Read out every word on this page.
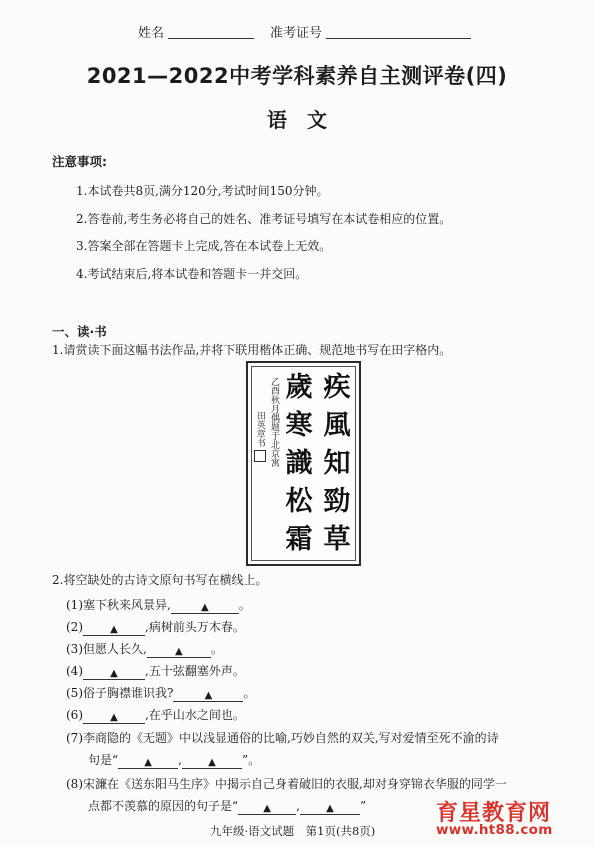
姓名	准考证号
2021—2022中考学科素养自主测评卷(四)
语文
注意事项:
1.本试卷共8页,满分120分,考试时间150分钟。
2.答卷前,考生务必将自己的姓名、准考证号填写在本试卷相应的位置。
3.答案全部在答题卡上完成,答在本试卷上无效。
4.考试结束后,将本试卷和答题卡一并交回。
一、读·书
1.请赏读下面这幅书法作品,并将下联用楷体正确、规范地书写在田字格内。
疾
風
知
勁
草
歲
寒
識
松
霜
乙酉秋月偶题于北京寓
田英章书
2.将空缺处的古诗文原句书写在横线上。
(1)塞下秋来风景异,	▲	。
(2)	▲ ,病树前头万木春。
(3)但愿人长久,	▲ 。
(4)	▲ ,五十弦翻塞外声。
(5)俗子胸襟谁识我?	▲	。
(6)	▲ ,在乎山水之间也。
(7)李商隐的《无题》中以浅显通俗的比喻,巧妙自然的双关,写对爱情至死不渝的诗
句是“	▲ ,	▲ ”。
(8)宋濂在《送东阳马生序》中揭示自己身着破旧的衣服,却对身穿锦衣华服的同学一
点都不羡慕的原因的句子是“	▲ ,	▲ ”
九年级·语文试题　第1页(共8页)
育星教育网
www.ht88.com
